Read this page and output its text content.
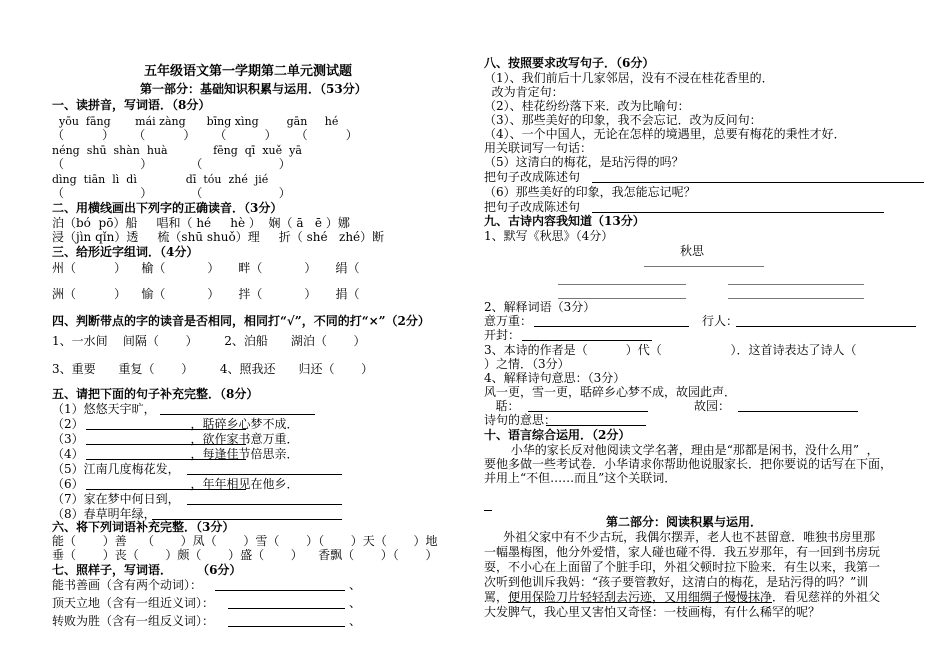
五年级语文第一学期第二单元测试题
第一部分：基础知识积累与运用．（53分）
一、读拼音，写词语．（8分）
yōu  fāng       mái zàng      bīng xìng        gān     hé
（          ）     （          ）     （          ）     （          ）
néng  shū  shàn  huà             fēng  qī  xuě  yā
（                    ）          （                    ）
dìng  tiān  lì  dì              dī  tóu  zhé  jié
（                    ）          （                    ）
二、用横线画出下列字的正确读音．（3分）
泊（bó  pō）船     唱和（ hé     hè ）  娴（ ā   ē ）娜
浸（jìn qǐn）透     梳（shū shuǒ）理     折（ shé   zhé）断
三、给形近字组词．（4分）
州（          ）    榆（           ）     畔（           ）     绢（
洲（          ）    愉（           ）     拌（           ）     捐（
四、判断带点的字的读音是否相同，相同打“√”，不同的打“×”（2分）
1、一水间    间隔（       ）       2、泊船      湖泊（       ）
3、重要      重复（       ）       4、照我还      归还（       ）
五、请把下面的句子补充完整．（8分）
（1）悠悠天宇旷，
（2）                            ，聒碎乡心梦不成．
（3）                            ，欲作家书意万重．
（4）                            ，每逢佳节倍思亲．
（5）江南几度梅花发，
（6）                            ，年年相见在他乡．
（7）家在梦中何日到，
（8）春草明年绿，
六、将下列词语补充完整．（3分）
能（       ）善    （       ）凤（       ）雪（       ）（       ）天（       ）地
垂（       ）丧（       ）颇（       ）盛（       ）    香飘（       ）（       ）
七、照样子，写词语．      （6分）
能书善画（含有两个动词）：	、
顶天立地（含有一组近义词）：	、
转败为胜（含有一组反义词）：	、
八、按照要求改写句子．（6分）
（1）、我们前后十几家邻居，没有不浸在桂花香里的．
改为肯定句：
（2）、桂花纷纷落下来．改为比喻句：
（3）、那些美好的印象，我不会忘记．改为反问句：
（4）、一个中国人，无论在怎样的境遇里，总要有梅花的秉性才好．
用关联词写一句话：
（5）这清白的梅花，是玷污得的吗？
把句子改成陈述句
（6）那些美好的印象，我怎能忘记呢？
把句子改成陈述句
九、古诗内容我知道（13分）
1、默写《秋思》（4分）
秋思
2、解释词语（3分）
意万重：	行人：
开封：
3、本诗的作者是（          ）代（                  ）．这首诗表达了诗人（
）之情．（3分）
4、解释诗句意思：（3分）
风一更，雪一更，聒碎乡心梦不成，故园此声．
聒：	故园：
诗句的意思：
十、语言综合运用．（2分）
小华的家长反对他阅读文学名著，理由是“那都是闲书，没什么用”  ，
要他多做一些考试卷．小华请求你帮助他说服家长．把你要说的话写在下面，
并用上“不但……而且”这个关联词．
第二部分：阅读积累与运用．
外祖父家中有不少古玩，我偶尔摆弄，老人也不甚留意．唯独书房里那
一幅墨梅图，他分外爱惜，家人碰也碰不得．我五岁那年，有一回到书房玩
耍，不小心在上面留了个脏手印，外祖父顿时拉下脸来．有生以来，我第一
次听到他训斥我妈：“孩子要管教好，这清白的梅花，是玷污得的吗？”训
罵，便用保险刀片轻轻刮去污迹，又用细绸子慢慢抹净．看见慈祥的外祖父
大发脾气，我心里又害怕又奇怪：一枝画梅，有什么稀罕的呢？
